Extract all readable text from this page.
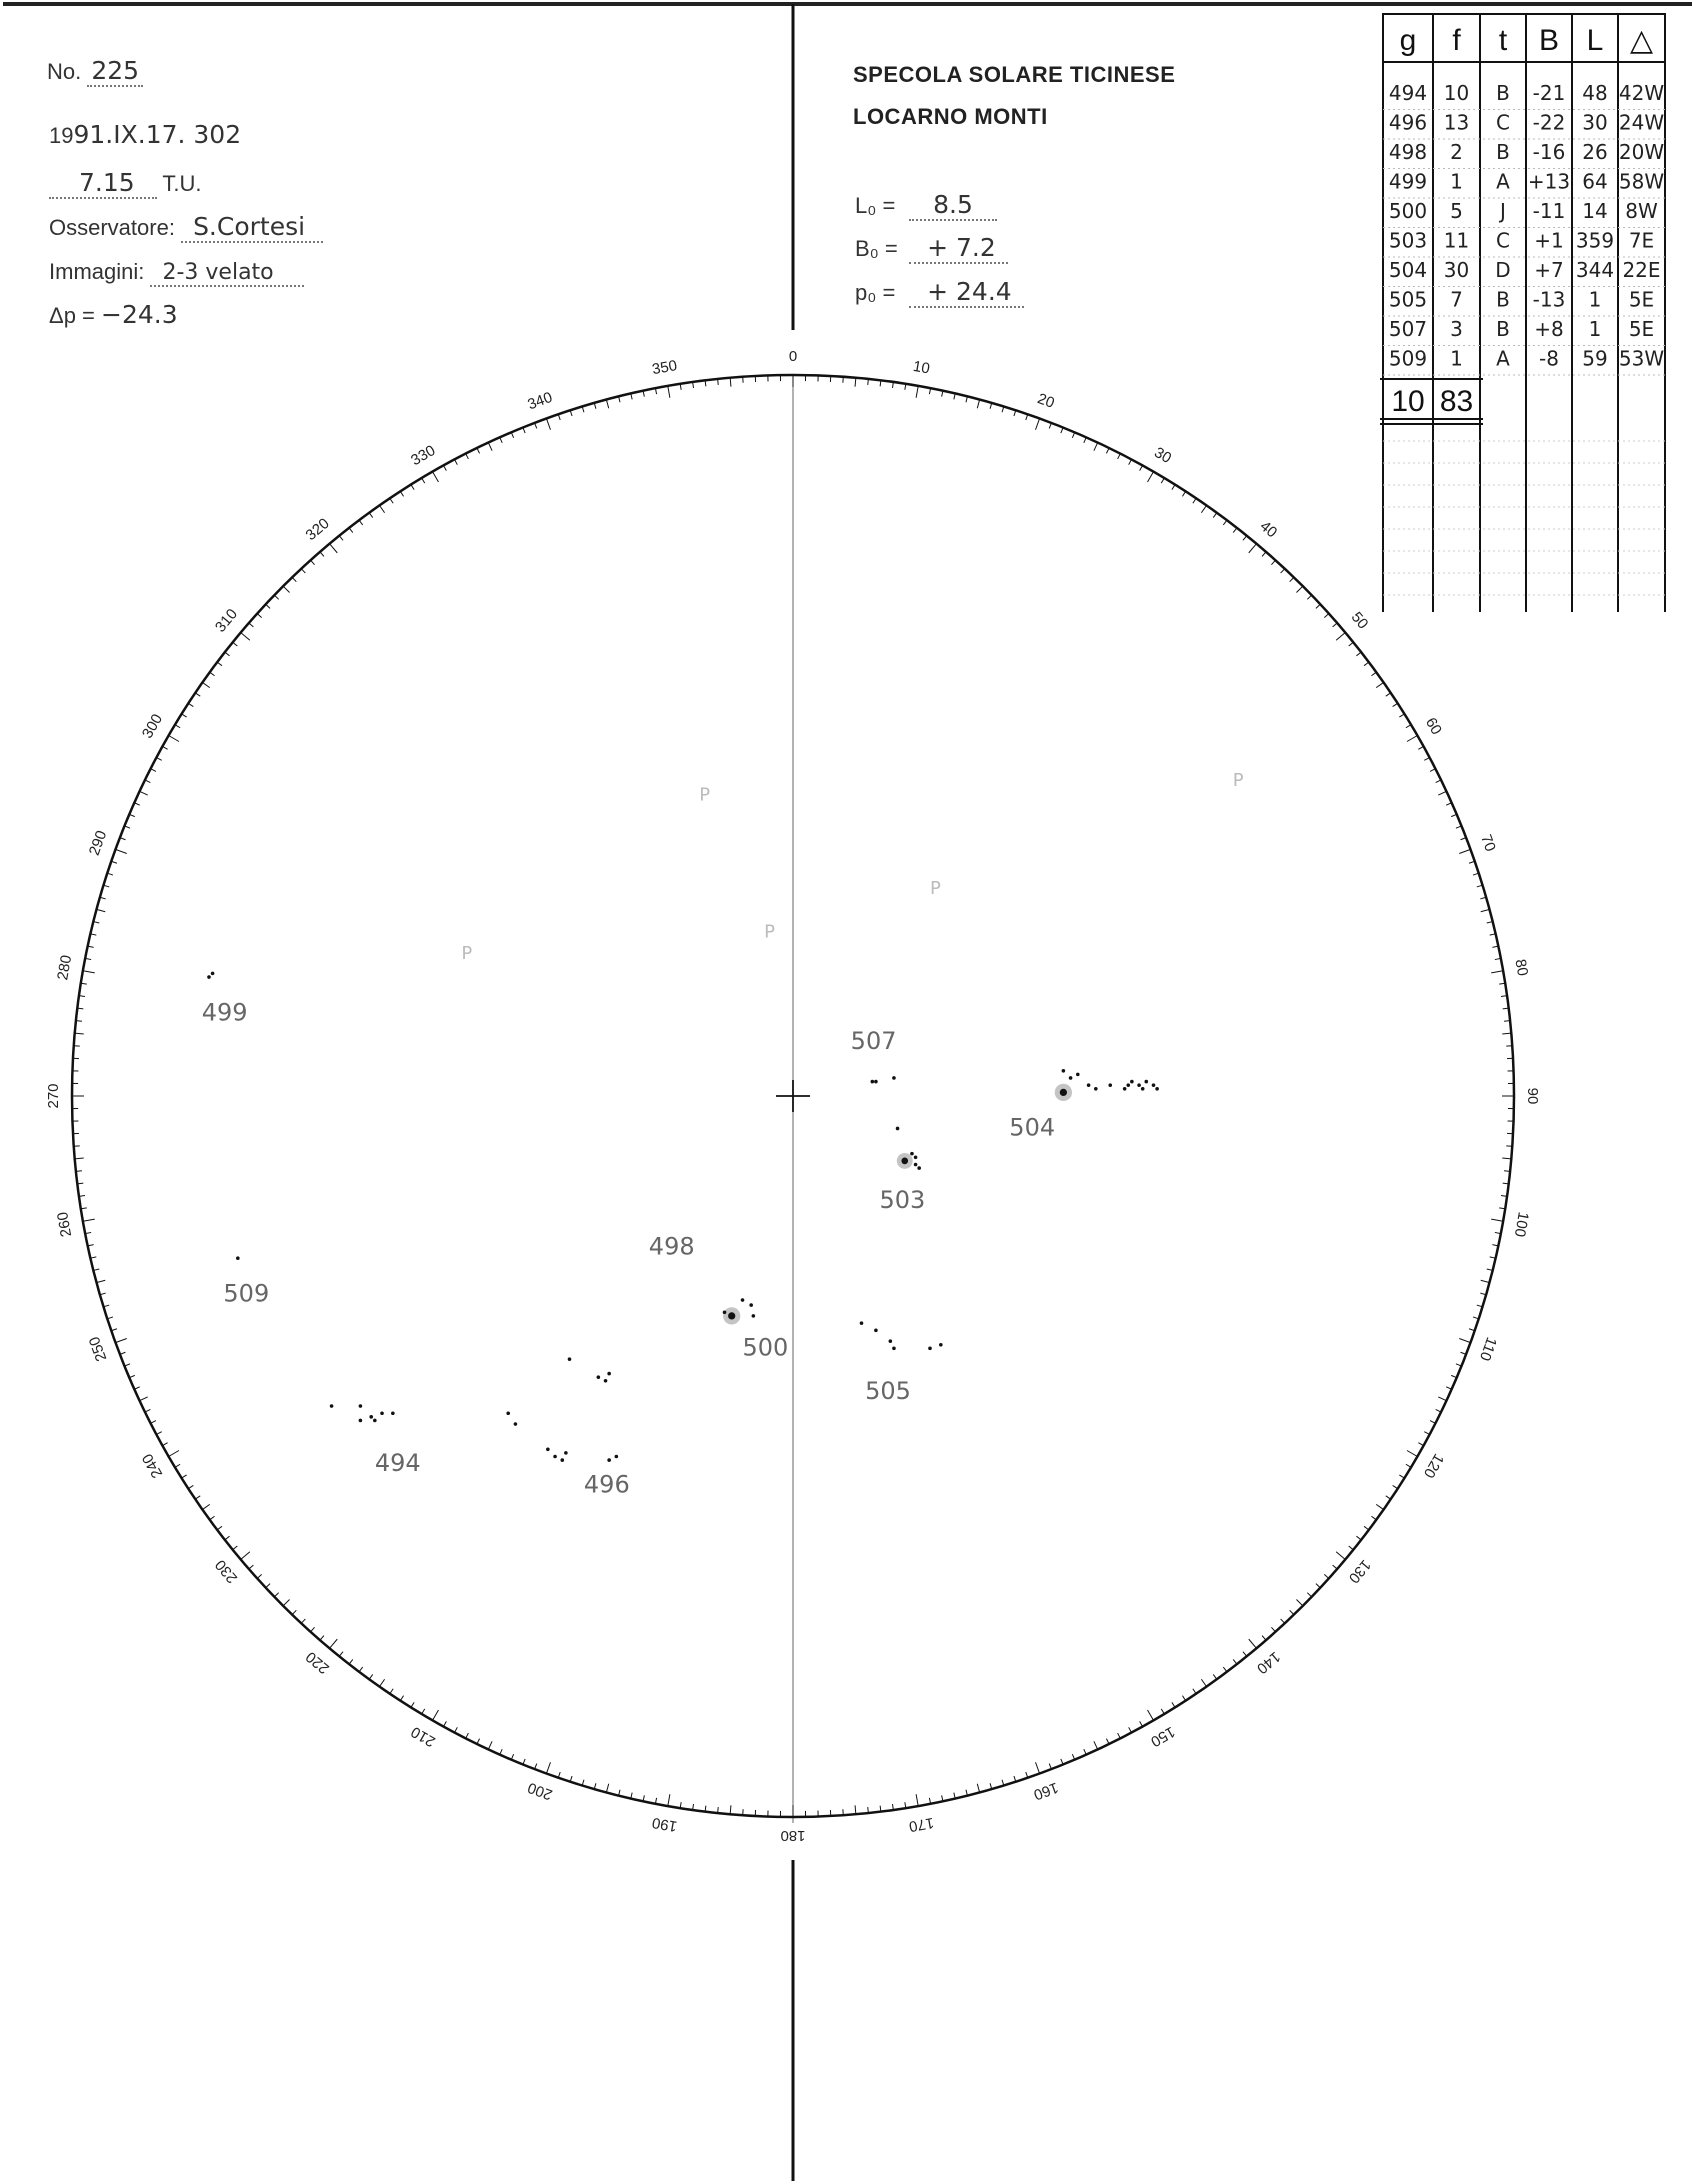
No. 225
1991.IX.17. 302
7.15 T.U.
Osservatore: S.Cortesi
Immagini: 2-3 velato
Δp = −24.3
SPECOLA SOLARE TICINESE
LOCARNO MONTI
L₀ = 8.5
B₀ = + 7.2
p₀ = + 24.4
0
10
20
30
40
50
60
70
80
90
100
110
120
130
140
150
160
170
180
190
200
210
220
230
240
250
260
270
280
290
300
310
320
330
340
350
P
P
P
P
P
499
509
498
494
496
500
505
503
507
504
g f t B L △
494 10 B -21 48 42W
496 13 C -22 30 24W
498 2 B -16 26 20W
499 1 A +13 64 58W
500 5 J -11 14 8W
503 11 C +1 359 7E
504 30 D +7 344 22E
505 7 B -13 1 5E
507 3 B +8 1 5E
509 1 A -8 59 53W
10 83
